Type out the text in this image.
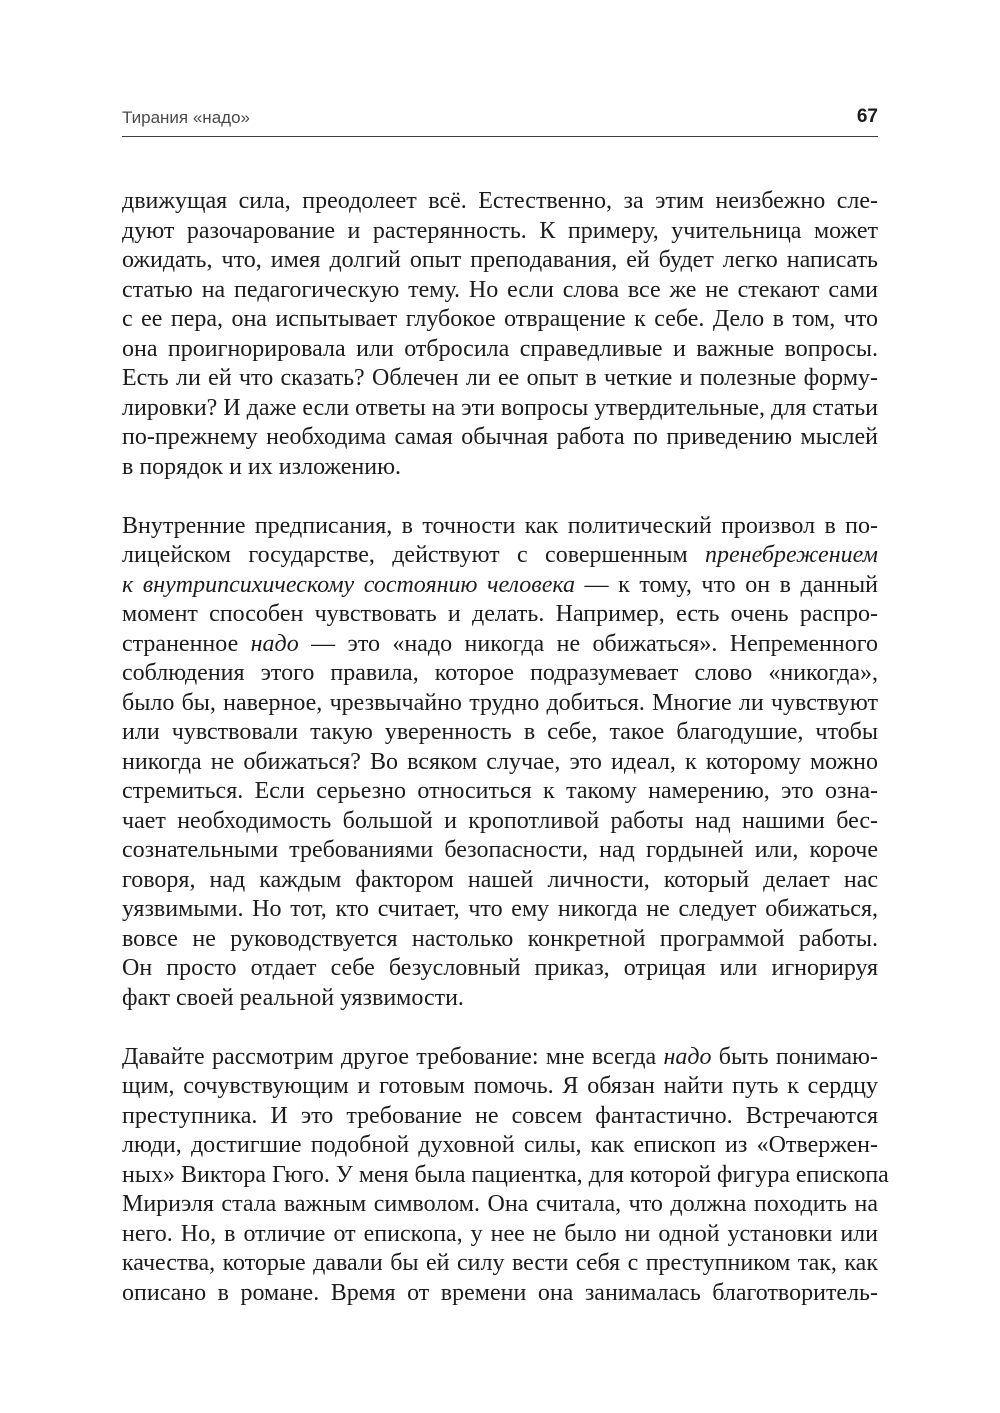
Тирания «надо»	67
движущая сила, преодолеет всё. Естественно, за этим неизбежно сле-
дуют разочарование и растерянность. К примеру, учительница может
ожидать, что, имея долгий опыт преподавания, ей будет легко написать
статью на педагогическую тему. Но если слова все же не стекают сами
с ее пера, она испытывает глубокое отвращение к себе. Дело в том, что
она проигнорировала или отбросила справедливые и важные вопросы.
Есть ли ей что сказать? Облечен ли ее опыт в четкие и полезные форму-
лировки? И даже если ответы на эти вопросы утвердительные, для статьи
по-прежнему необходима самая обычная работа по приведению мыслей
в порядок и их изложению.
Внутренние предписания, в точности как политический произвол в по-
лицейском государстве, действуют с совершенным пренебрежением
к внутрипсихическому состоянию человека — к тому, что он в данный
момент способен чувствовать и делать. Например, есть очень распро-
страненное надо — это «надо никогда не обижаться». Непременного
соблюдения этого правила, которое подразумевает слово «никогда»,
было бы, наверное, чрезвычайно трудно добиться. Многие ли чувствуют
или чувствовали такую уверенность в себе, такое благодушие, чтобы
никогда не обижаться? Во всяком случае, это идеал, к которому можно
стремиться. Если серьезно относиться к такому намерению, это озна-
чает необходимость большой и кропотливой работы над нашими бес-
сознательными требованиями безопасности, над гордыней или, короче
говоря, над каждым фактором нашей личности, который делает нас
уязвимыми. Но тот, кто считает, что ему никогда не следует обижаться,
вовсе не руководствуется настолько конкретной программой работы.
Он просто отдает себе безусловный приказ, отрицая или игнорируя
факт своей реальной уязвимости.
Давайте рассмотрим другое требование: мне всегда надо быть понимаю-
щим, сочувствующим и готовым помочь. Я обязан найти путь к сердцу
преступника. И это требование не совсем фантастично. Встречаются
люди, достигшие подобной духовной силы, как епископ из «Отвержен-
ных» Виктора Гюго. У меня была пациентка, для которой фигура епископа
Мириэля стала важным символом. Она считала, что должна походить на
него. Но, в отличие от епископа, у нее не было ни одной установки или
качества, которые давали бы ей силу вести себя с преступником так, как
описано в романе. Время от времени она занималась благотворитель-
